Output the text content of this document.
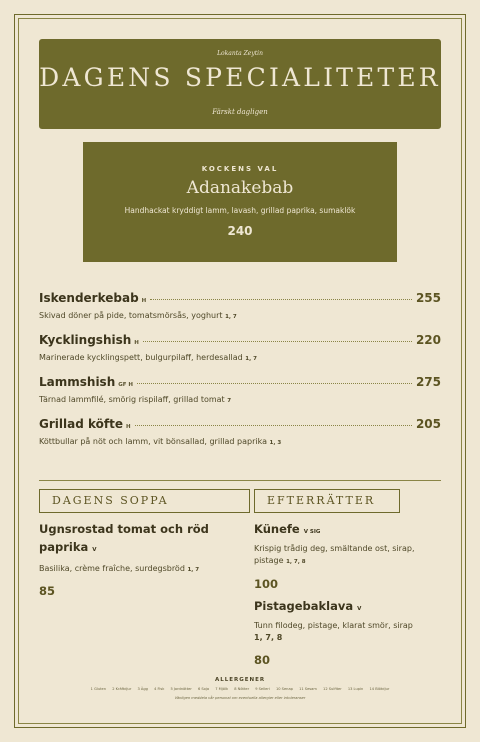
Lokanta Zeytin
DAGENS SPECIALITETER
Färskt dagligen
KOCKENS VAL
Adanakebab
Handhackat kryddigt lamm, lavash, grillad paprika, sumaklök
240
Iskenderkebab H	255
Skivad döner på pide, tomatsmörsås, yoghurt 1, 7
Kycklingshish H	220
Marinerade kycklingspett, bulgurpilaff, herdesallad 1, 7
Lammshish GF H	275
Tärnad lammfilé, smörig rispilaff, grillad tomat 7
Grillad köfte H	205
Köttbullar på nöt och lamm, vit bönsallad, grillad paprika 1, 3
DAGENS SOPPA	EFTERRÄTTER
Ugnsrostad tomat och röd
paprika V
Basilika, crème fraîche, surdegsbröd 1, 7
85
Künefe V SIG
Krispig trådig deg, smältande ost, sirap,
pistage 1, 7, 8
100
Pistagebaklava V
Tunn filodeg, pistage, klarat smör, sirap
1, 7, 8
80
ALLERGENER
1 Gluten 2 Kräftdjur 3 Ägg 4 Fisk 5 Jordnötter 6 Soja 7 Mjölk 8 Nötter 9 Selleri 10 Senap 11 Sesam 12 Sulfiter 13 Lupin 14 Blötdjur
Vänligen meddela vår personal om eventuella allergier eller intoleranser
